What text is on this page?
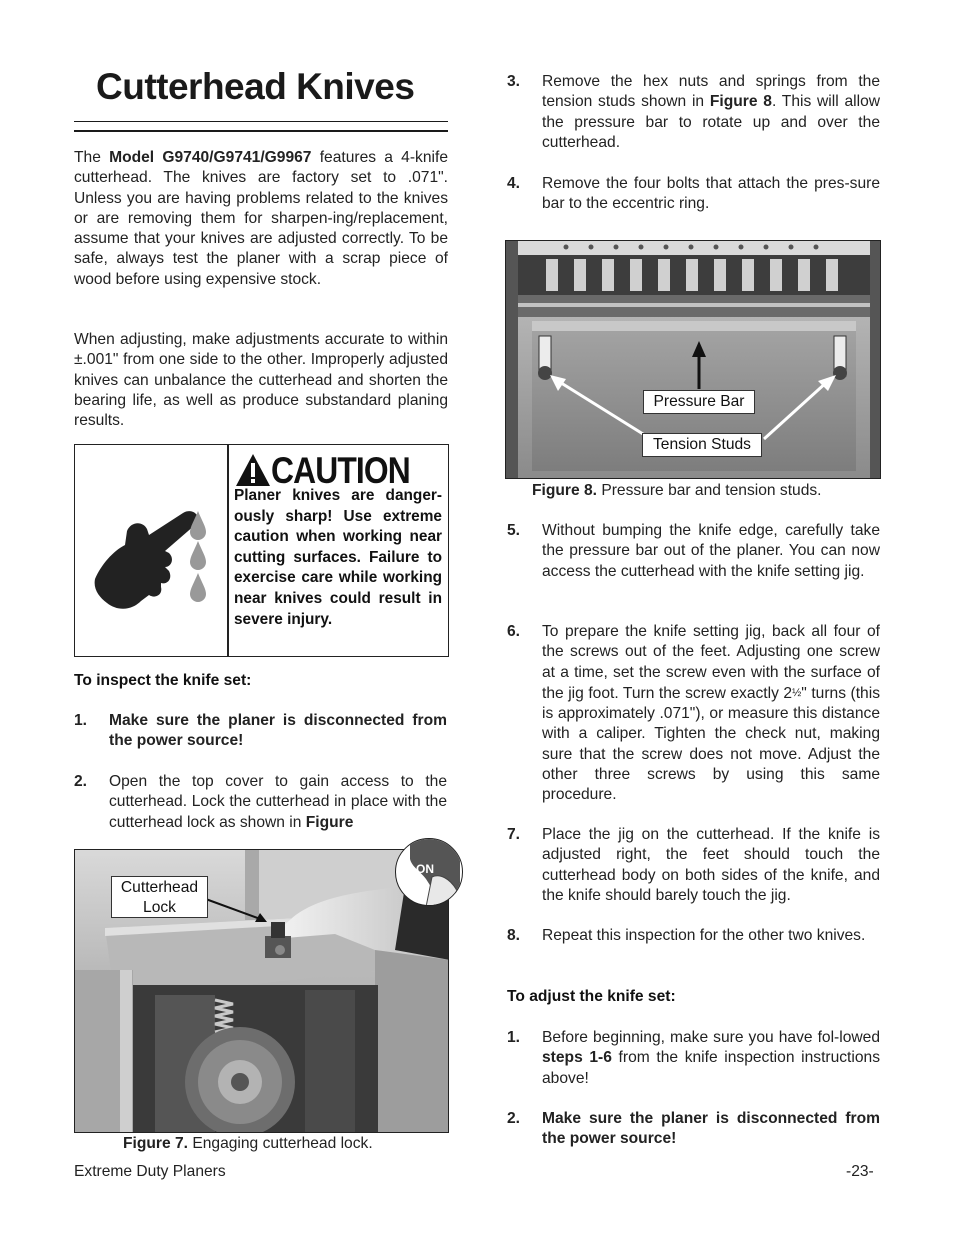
Cutterhead Knives
The Model G9740/G9741/G9967 features a 4-knife cutterhead. The knives are factory set to .071". Unless you are having problems related to the knives or are removing them for sharpen-ing/replacement, assume that your knives are adjusted correctly. To be safe, always test the planer with a scrap piece of wood before using expensive stock.
When adjusting, make adjustments accurate to within ±.001" from one side to the other. Improperly adjusted knives can unbalance the cutterhead and shorten the bearing life, as well as produce substandard planing results.
CAUTION
Planer knives are danger-ously sharp! Use extreme caution when working near cutting surfaces. Failure to exercise care while working near knives could result in severe injury.
To inspect the knife set:
1. Make sure the planer is disconnected from the power source!
2. Open the top cover to gain access to the cutterhead. Lock the cutterhead in place with the cutterhead lock as shown in Figure
Cutterhead
Lock
ON
Figure 7. Engaging cutterhead lock.
3. Remove the hex nuts and springs from the tension studs shown in Figure 8. This will allow the pressure bar to rotate up and over the cutterhead.
4. Remove the four bolts that attach the pres-sure bar to the eccentric ring.
Pressure Bar
Tension Studs
Figure 8. Pressure bar and tension studs.
5. Without bumping the knife edge, carefully take the pressure bar out of the planer. You can now access the cutterhead with the knife setting jig.
6. To prepare the knife setting jig, back all four of the screws out of the feet. Adjusting one screw at a time, set the screw even with the surface of the jig foot. Turn the screw exactly 2½" turns (this is approximately .071"), or measure this distance with a caliper. Tighten the check nut, making sure that the screw does not move. Adjust the other three screws by using this same procedure.
7. Place the jig on the cutterhead. If the knife is adjusted right, the feet should touch the cutterhead body on both sides of the knife, and the knife should barely touch the jig.
8. Repeat this inspection for the other two knives.
To adjust the knife set:
1. Before beginning, make sure you have fol-lowed steps 1-6 from the knife inspection instructions above!
2. Make sure the planer is disconnected from the power source!
Extreme Duty Planers	-23-
